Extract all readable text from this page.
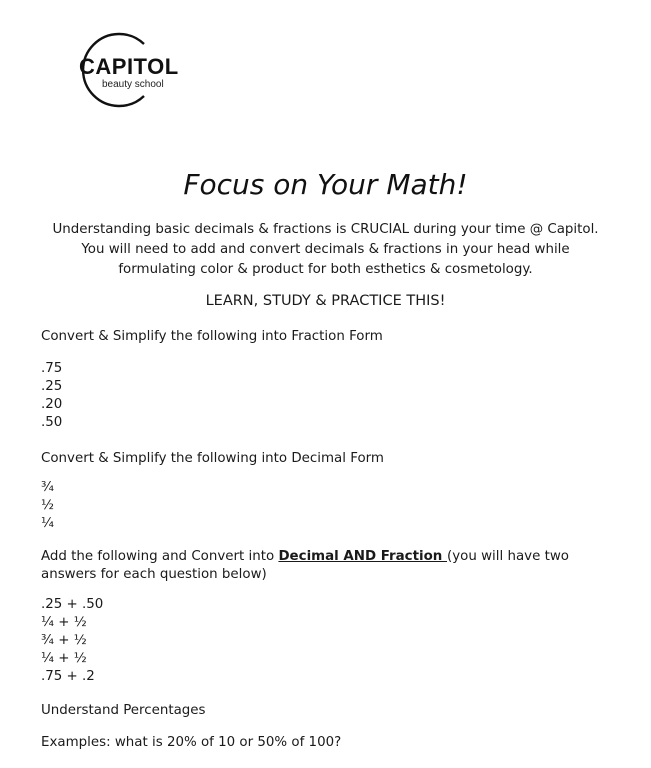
CAPITOL
beauty school
Focus on Your Math!
Understanding basic decimals & fractions is CRUCIAL during your time @ Capitol.
You will need to add and convert decimals & fractions in your head while
formulating color & product for both esthetics & cosmetology.
LEARN, STUDY & PRACTICE THIS!
Convert & Simplify the following into Fraction Form
.75
.25
.20
.50
Convert & Simplify the following into Decimal Form
¾
½
¼
Add the following and Convert into Decimal AND Fraction (you will have two
answers for each question below)
.25 + .50
¼ + ½
¾ + ½
¼ + ½
.75 + .2
Understand Percentages
Examples: what is 20% of 10 or 50% of 100?
